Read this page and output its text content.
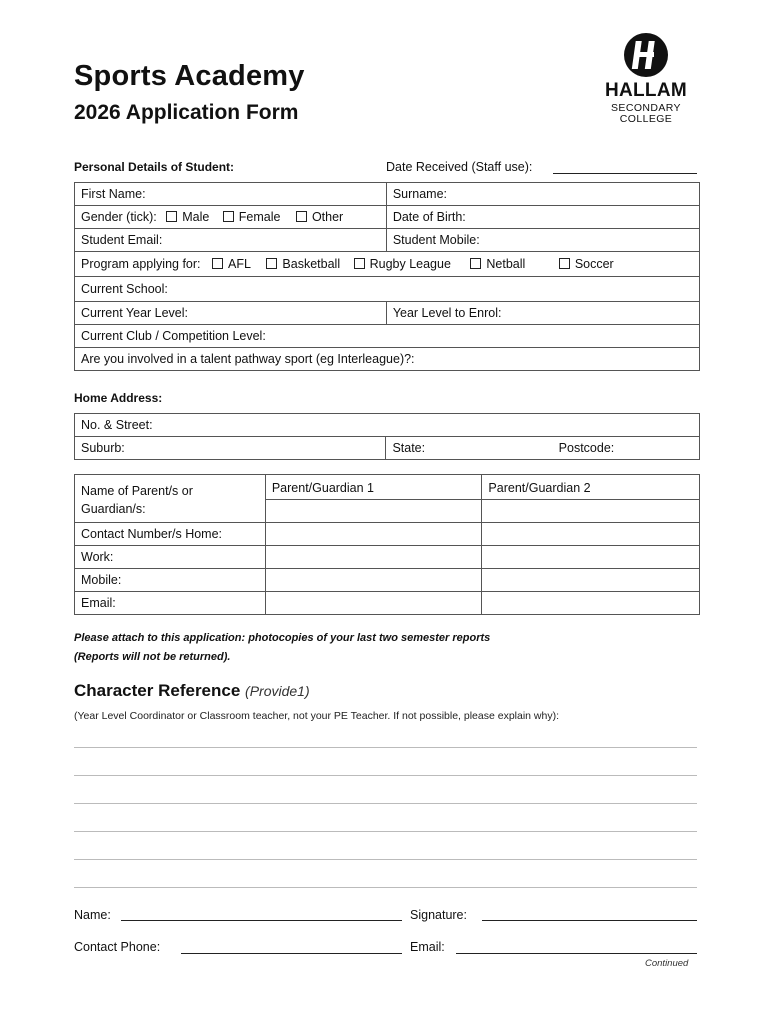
Sports Academy
2026 Application Form
HALLAM
SECONDARY
COLLEGE
Personal Details of Student:	Date Received (Staff use):
First Name:	Surname:
Gender (tick): Male Female Other	Date of Birth:
Student Email:	Student Mobile:
Program applying for: AFL Basketball Rugby League Netball Soccer	
Current School:	
Current Year Level:	Year Level to Enrol:
Current Club / Competition Level:	
Are you involved in a talent pathway sport (eg Interleague)?:	
Home Address:
No. & Street:
Suburb:	State:	Postcode:
Name of Parent/s or Guardian/s:	Parent/Guardian 1	Parent/Guardian 2

Contact Number/s Home:		
Work:		
Mobile:		
Email:		
Please attach to this application: photocopies of your last two semester reports
(Reports will not be returned).
Character Reference (Provide1)
(Year Level Coordinator or Classroom teacher, not your PE Teacher. If not possible, please explain why):
Name:	Signature:
Contact Phone:	Email:
Continued
